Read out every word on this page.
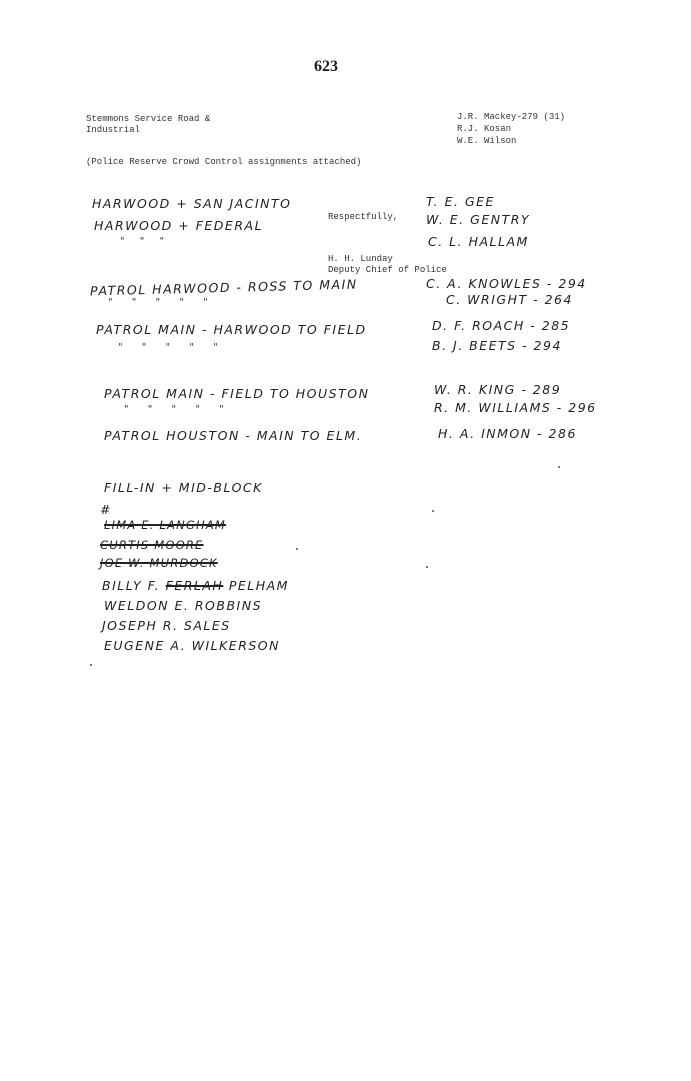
623
Stemmons Service Road &
Industrial
J.R. Mackey-279 (31)
R.J. Kosan
W.E. Wilson
(Police Reserve Crowd Control assignments attached)
Respectfully,
H. H. Lunday
Deputy Chief of Police
HARWOOD + SAN JACINTO
HARWOOD + FEDERAL
" " "
T. E. GEE
W. E. GENTRY
C. L. HALLAM
PATROL HARWOOD - ROSS TO MAIN
" " " " "
C. A. KNOWLES - 294
C. WRIGHT - 264
PATROL MAIN - HARWOOD TO FIELD
" " " " "
D. F. ROACH - 285
B. J. BEETS - 294
PATROL MAIN - FIELD TO HOUSTON
" " " " "
W. R. KING - 289
R. M. WILLIAMS - 296
PATROL HOUSTON - MAIN TO ELM.	H. A. INMON - 286
FILL-IN + MID-BLOCK
#
LIMA E. LANGHAM
CURTIS MOORE
JOE W. MURDOCK
BILLY F. FERLAH PELHAM
WELDON E. ROBBINS
JOSEPH R. SALES
EUGENE A. WILKERSON
